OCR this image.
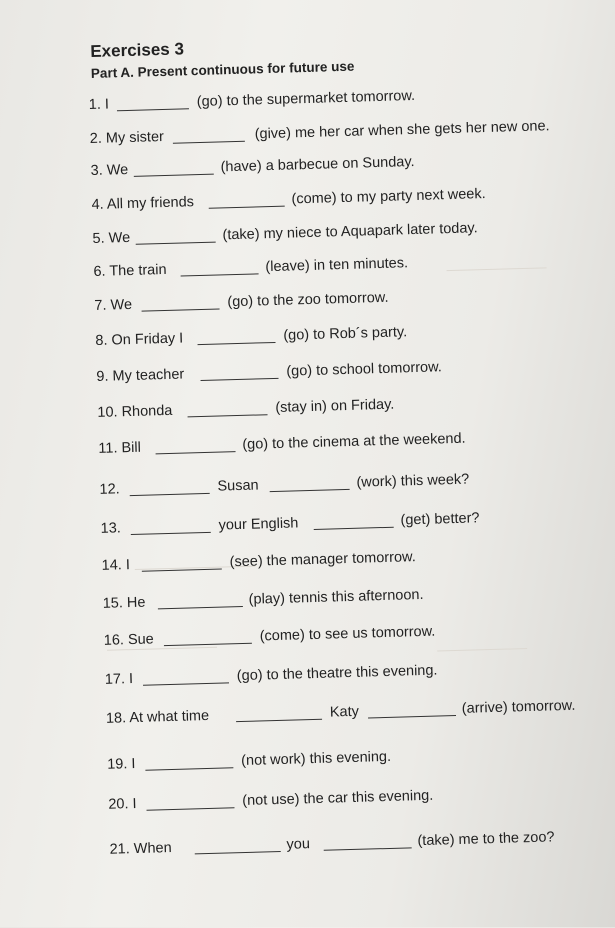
Exercises 3
Part A. Present continuous for future use
1. I	(go) to the supermarket tomorrow.
2. My sister	(give) me her car when she gets her new one.
3. We	(have) a barbecue on Sunday.
4. All my friends	(come) to my party next week.
5. We	(take) my niece to Aquapark later today.
6. The train	(leave) in ten minutes.
7. We	(go) to the zoo tomorrow.
8. On Friday I	(go) to Rob´s party.
9. My teacher	(go) to school tomorrow.
10. Rhonda	(stay in) on Friday.
11. Bill	(go) to the cinema at the weekend.
12.	Susan	(work) this week?
13.	your English	(get) better?
14. I	(see) the manager tomorrow.
15. He	(play) tennis this afternoon.
16. Sue	(come) to see us tomorrow.
17. I	(go) to the theatre this evening.
18. At what time	Katy	(arrive) tomorrow.
19. I	(not work) this evening.
20. I	(not use) the car this evening.
21. When	you	(take) me to the zoo?
